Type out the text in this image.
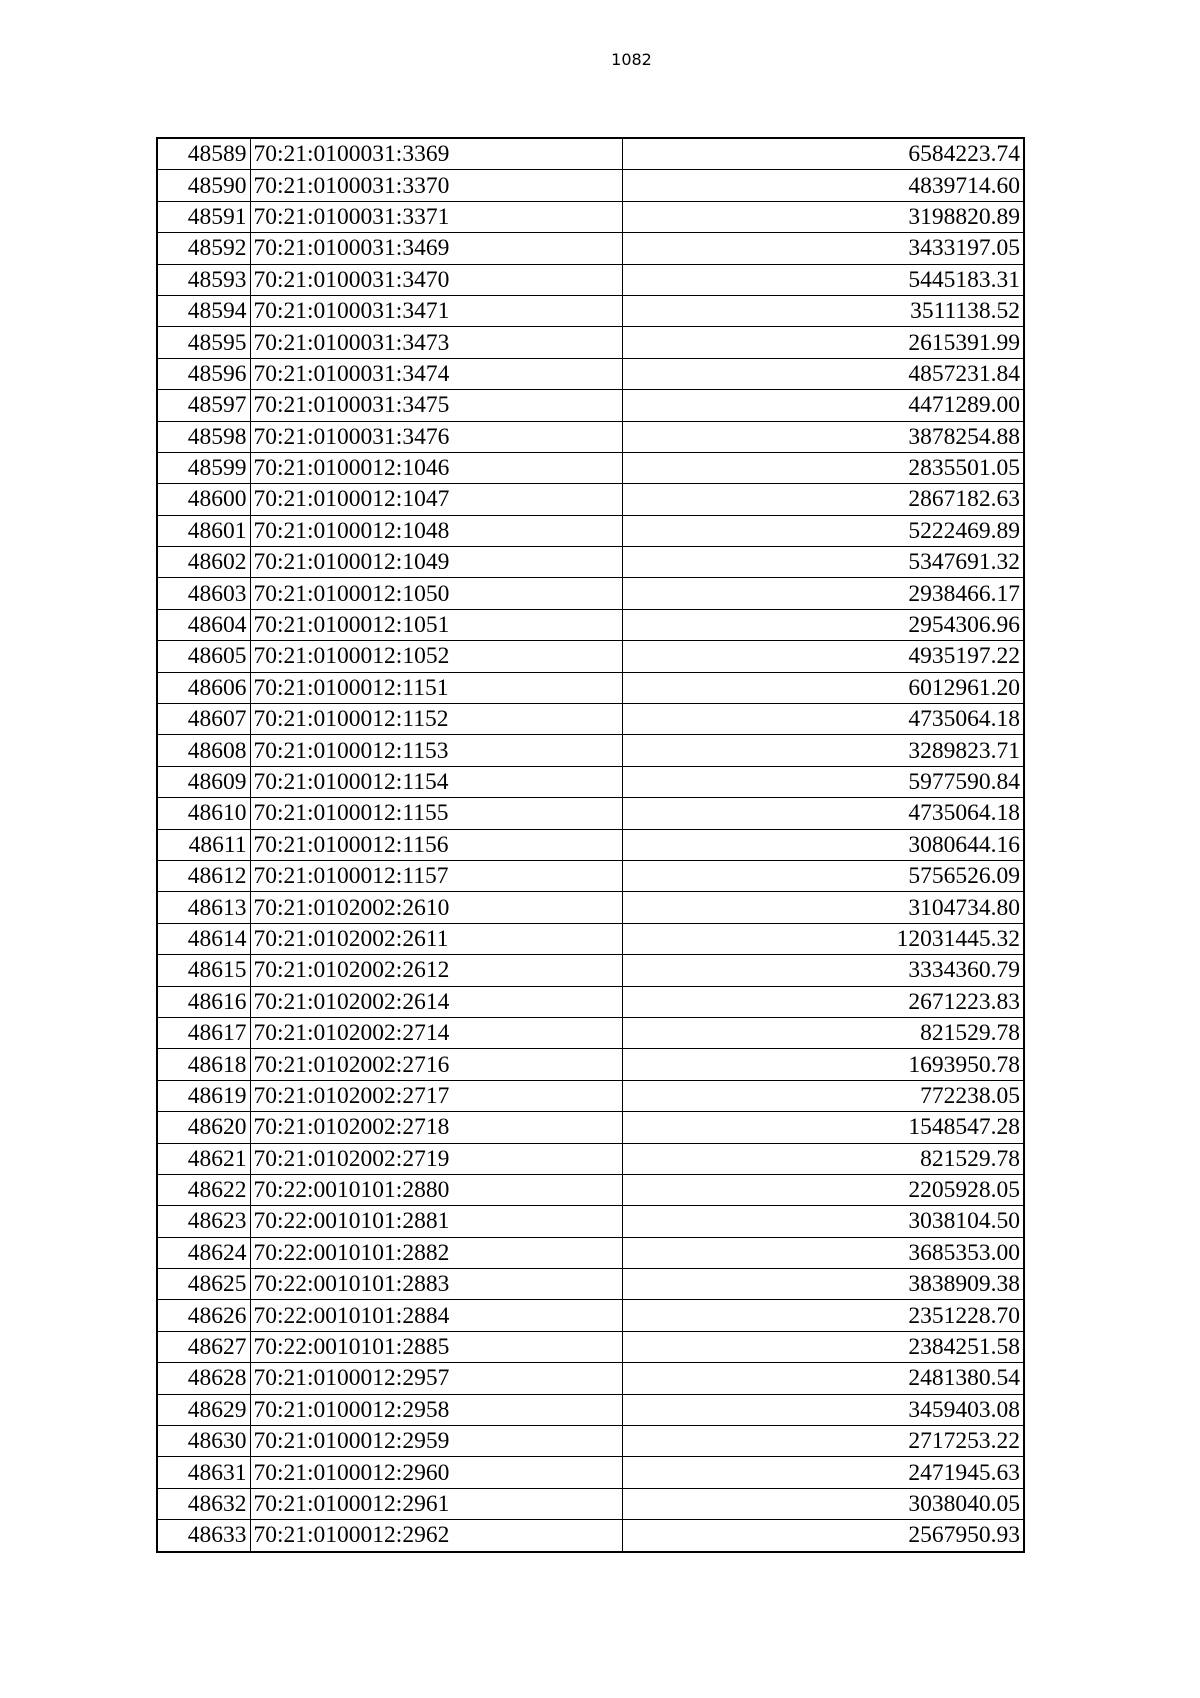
1082
48589	70:21:0100031:3369	6584223.74
48590	70:21:0100031:3370	4839714.60
48591	70:21:0100031:3371	3198820.89
48592	70:21:0100031:3469	3433197.05
48593	70:21:0100031:3470	5445183.31
48594	70:21:0100031:3471	3511138.52
48595	70:21:0100031:3473	2615391.99
48596	70:21:0100031:3474	4857231.84
48597	70:21:0100031:3475	4471289.00
48598	70:21:0100031:3476	3878254.88
48599	70:21:0100012:1046	2835501.05
48600	70:21:0100012:1047	2867182.63
48601	70:21:0100012:1048	5222469.89
48602	70:21:0100012:1049	5347691.32
48603	70:21:0100012:1050	2938466.17
48604	70:21:0100012:1051	2954306.96
48605	70:21:0100012:1052	4935197.22
48606	70:21:0100012:1151	6012961.20
48607	70:21:0100012:1152	4735064.18
48608	70:21:0100012:1153	3289823.71
48609	70:21:0100012:1154	5977590.84
48610	70:21:0100012:1155	4735064.18
48611	70:21:0100012:1156	3080644.16
48612	70:21:0100012:1157	5756526.09
48613	70:21:0102002:2610	3104734.80
48614	70:21:0102002:2611	12031445.32
48615	70:21:0102002:2612	3334360.79
48616	70:21:0102002:2614	2671223.83
48617	70:21:0102002:2714	821529.78
48618	70:21:0102002:2716	1693950.78
48619	70:21:0102002:2717	772238.05
48620	70:21:0102002:2718	1548547.28
48621	70:21:0102002:2719	821529.78
48622	70:22:0010101:2880	2205928.05
48623	70:22:0010101:2881	3038104.50
48624	70:22:0010101:2882	3685353.00
48625	70:22:0010101:2883	3838909.38
48626	70:22:0010101:2884	2351228.70
48627	70:22:0010101:2885	2384251.58
48628	70:21:0100012:2957	2481380.54
48629	70:21:0100012:2958	3459403.08
48630	70:21:0100012:2959	2717253.22
48631	70:21:0100012:2960	2471945.63
48632	70:21:0100012:2961	3038040.05
48633	70:21:0100012:2962	2567950.93
